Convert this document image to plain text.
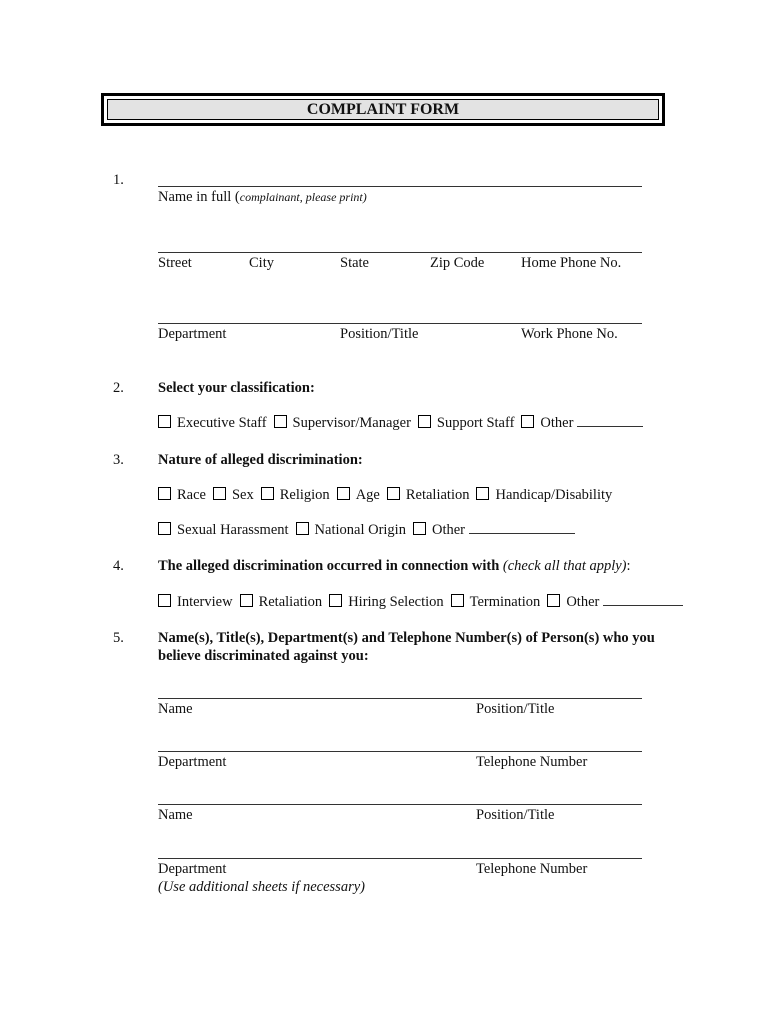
COMPLAINT FORM
1.
Name in full (complainant, please print)
Street	City	State	Zip Code	Home Phone No.
Department	Position/Title	Work Phone No.
2. Select your classification:
Executive Staff Supervisor/Manager Support Staff Other
3. Nature of alleged discrimination:
Race Sex Religion Age Retaliation Handicap/Disability
Sexual Harassment National Origin Other
4. The alleged discrimination occurred in connection with (check all that apply):
Interview Retaliation Hiring Selection Termination Other
5. Name(s), Title(s), Department(s) and Telephone Number(s) of Person(s) who you
believe discriminated against you:
Name	Position/Title
Department	Telephone Number
Name	Position/Title
Department	Telephone Number
(Use additional sheets if necessary)
